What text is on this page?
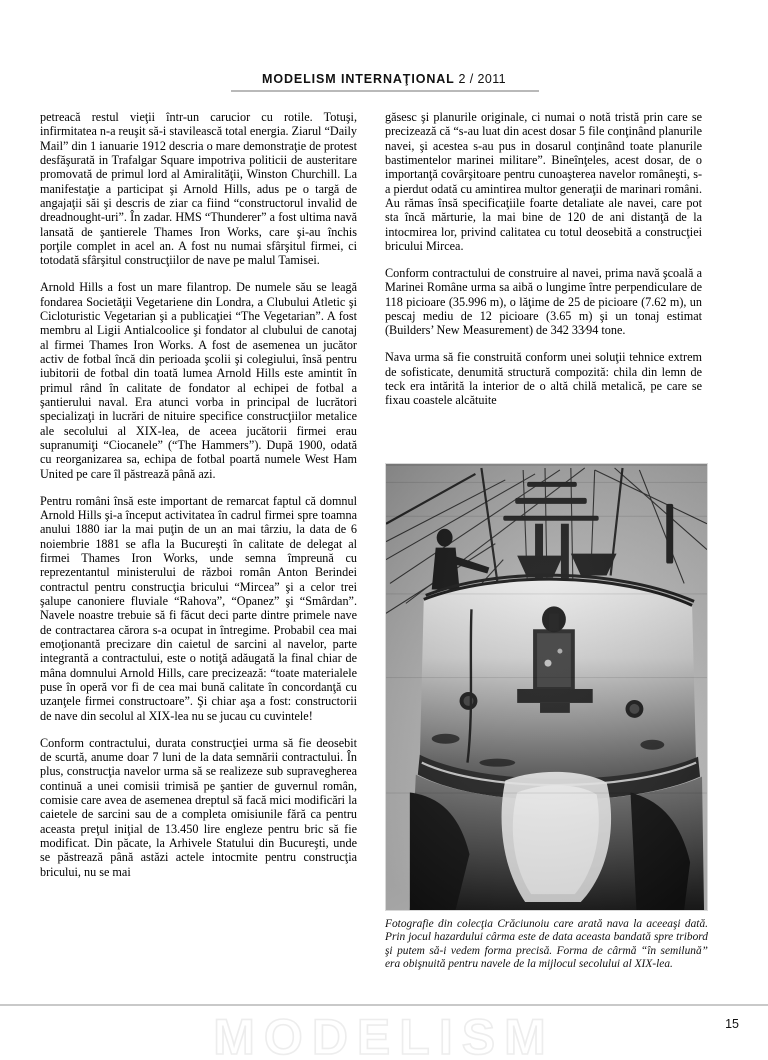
MODELISM INTERNAŢIONAL 2 / 2011

petreacă restul vieţii într-un carucior cu rotile. Totuşi, infirmitatea n-a reuşit să-i stavilească total energia. Ziarul “Daily Mail” din 1 ianuarie 1912 descria o mare demonstraţie de protest desfăşurată in Trafalgar Square impotriva politicii de austeritare promovată de primul lord al Amiralităţii, Winston Churchill. La manifestaţie a participat şi Arnold Hills, adus pe o targă de angajaţii săi şi descris de ziar ca fiind “constructorul invalid de dreadnought-uri”. În zadar. HMS “Thunderer” a fost ultima navă lansată de şantierele Thames Iron Works, care şi-au închis porţile complet in acel an. A fost nu numai sfârşitul firmei, ci totodată sfârşitul construcţiilor de nave pe malul Tamisei.

Arnold Hills a fost un mare filantrop. De numele său se leagă fondarea Societăţii Vegetariene din Londra, a Clubului Atletic şi Cicloturistic Vegetarian şi a publicaţiei “The Vegetarian”. A fost membru al Ligii Antialcoolice şi fondator al clubului de canotaj al firmei Thames Iron Works. A fost de asemenea un jucător activ de fotbal încă din perioada şcolii şi colegiului, însă pentru iubitorii de fotbal din toată lumea Arnold Hills este amintit în primul rând în calitate de fondator al echipei de fotbal a şantierului naval. Era atunci vorba in principal de lucrători specializaţi in lucrări de nituire specifice construcţiilor metalice ale secolului al XIX-lea, de aceea jucătorii firmei erau supranumiţi “Ciocanele” (“The Hammers”). După 1900, odată cu reorganizarea sa, echipa de fotbal poartă numele West Ham United pe care îl păstrează până azi.

Pentru români însă este important de remarcat faptul că domnul Arnold Hills şi-a început activitatea în cadrul firmei spre toamna anului 1880 iar la mai puţin de un an mai târziu, la data de 6 noiembrie 1881 se afla la Bucureşti în calitate de delegat al firmei Thames Iron Works, unde semna împreună cu reprezentantul ministerului de război român Anton Berindei contractul pentru construcţia bricului “Mircea” şi a celor trei şalupe canoniere fluviale “Rahova”, “Opanez” şi “Smârdan”. Navele noastre trebuie să fi făcut deci parte dintre primele nave de contractarea cărora s-a ocupat in întregime. Probabil cea mai emoţionantă precizare din caietul de sarcini al navelor, parte integrantă a contractului, este o notiţă adăugată la final chiar de mâna domnului Arnold Hills, care precizează: “toate materialele puse în operă vor fi de cea mai bună calitate în concordanţă cu uzanţele firmei constructoare”. Şi chiar aşa a fost: constructorii de nave din secolul al XIX-lea nu se jucau cu cuvintele!

Conform contractului, durata construcţiei urma să fie deosebit de scurtă, anume doar 7 luni de la data semnării contractului. În plus, construcţia navelor urma să se realizeze sub supravegherea continuă a unei comisii trimisă pe şantier de guvernul român, comisie care avea de asemenea dreptul să facă mici modificări la caietele de sarcini sau de a completa omisiunile fără ca pentru aceasta preţul iniţial de 13.450 lire engleze pentru bric să fie modificat. Din păcate, la Arhivele Statului din Bucureşti, unde se păstrează până astăzi actele intocmite pentru construcţia bricului, nu se mai

găsesc şi planurile originale, ci numai o notă tristă prin care se precizează că “s-au luat din acest dosar 5 file conţinând planurile navei, şi acestea s-au pus in dosarul conţinând toate planurile bastimentelor marinei militare”. Bineînţeles, acest dosar, de o importanţă covârşitoare pentru cunoaşterea navelor româneşti, s-a pierdut odată cu amintirea multor generaţii de marinari români. Au rămas însă specificaţiile foarte detaliate ale navei, care pot sta încă mărturie, la mai bine de 120 de ani distanţă de la intocmirea lor, privind calitatea cu totul deosebită a construcţiei bricului Mircea.

Conform contractului de construire al navei, prima navă şcoală a Marinei Române urma sa aibă o lungime între perpendiculare de 118 picioare (35.996 m), o lăţime de 25 de picioare (7.62 m), un pescaj mediu de 12 picioare (3.65 m) şi un tonaj estimat (Builders’ New Measurement) de 342 33⁄94 tone.

Nava urma să fie construită conform unei soluţii tehnice extrem de sofisticate, denumită structură compozită: chila din lemn de teck era intărită la interior de o altă chilă metalică, pe care se fixau coastele alcătuite

Fotografie din colecţia Crăciunoiu care arată nava la aceeaşi dată. Prin jocul hazardului cârma este de data aceasta bandată spre tribord şi putem să-i vedem forma precisă. Forma de cârmă “în semilună” era obişnuită pentru navele de la mijlocul secolului al XIX-lea.
MODELISM	15
